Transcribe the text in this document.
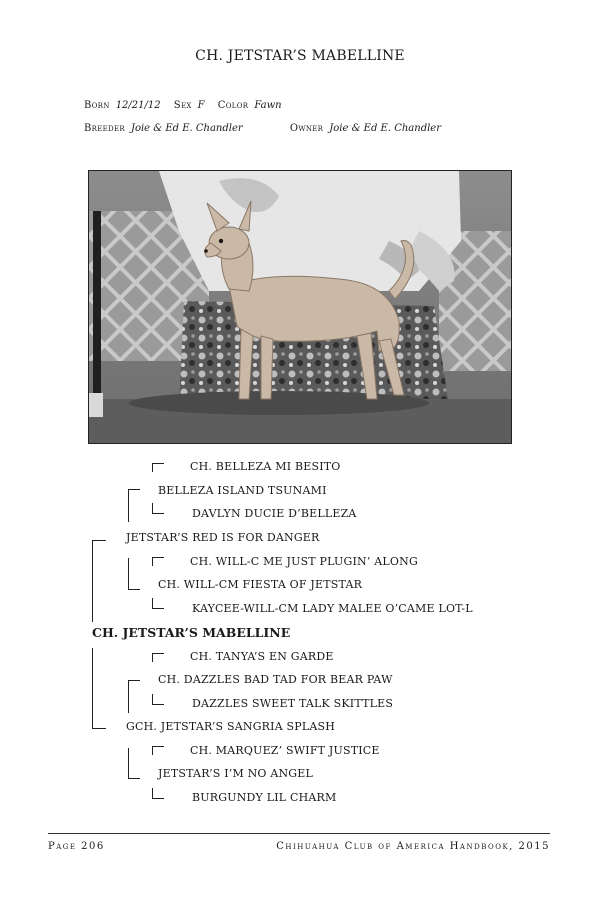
CH. JETSTAR’S MABELLINE
Born 12/21/12 Sex F Color Fawn
Breeder Joie & Ed E. Chandler	Owner Joie & Ed E. Chandler
CH. BELLEZA MI BESITO
BELLEZA ISLAND TSUNAMI
DAVLYN DUCIE D’BELLEZA
JETSTAR’S RED IS FOR DANGER
CH. WILL-C ME JUST PLUGIN’ ALONG
CH. WILL-CM FIESTA OF JETSTAR
KAYCEE-WILL-CM LADY MALEE O’CAME LOT-L
CH. JETSTAR’S MABELLINE
CH. TANYA’S EN GARDE
CH. DAZZLES BAD TAD FOR BEAR PAW
DAZZLES SWEET TALK SKITTLES
GCH. JETSTAR’S SANGRIA SPLASH
CH. MARQUEZ’ SWIFT JUSTICE
JETSTAR’S I’M NO ANGEL
BURGUNDY LIL CHARM
Page 206	Chihuahua Club of America Handbook, 2015
